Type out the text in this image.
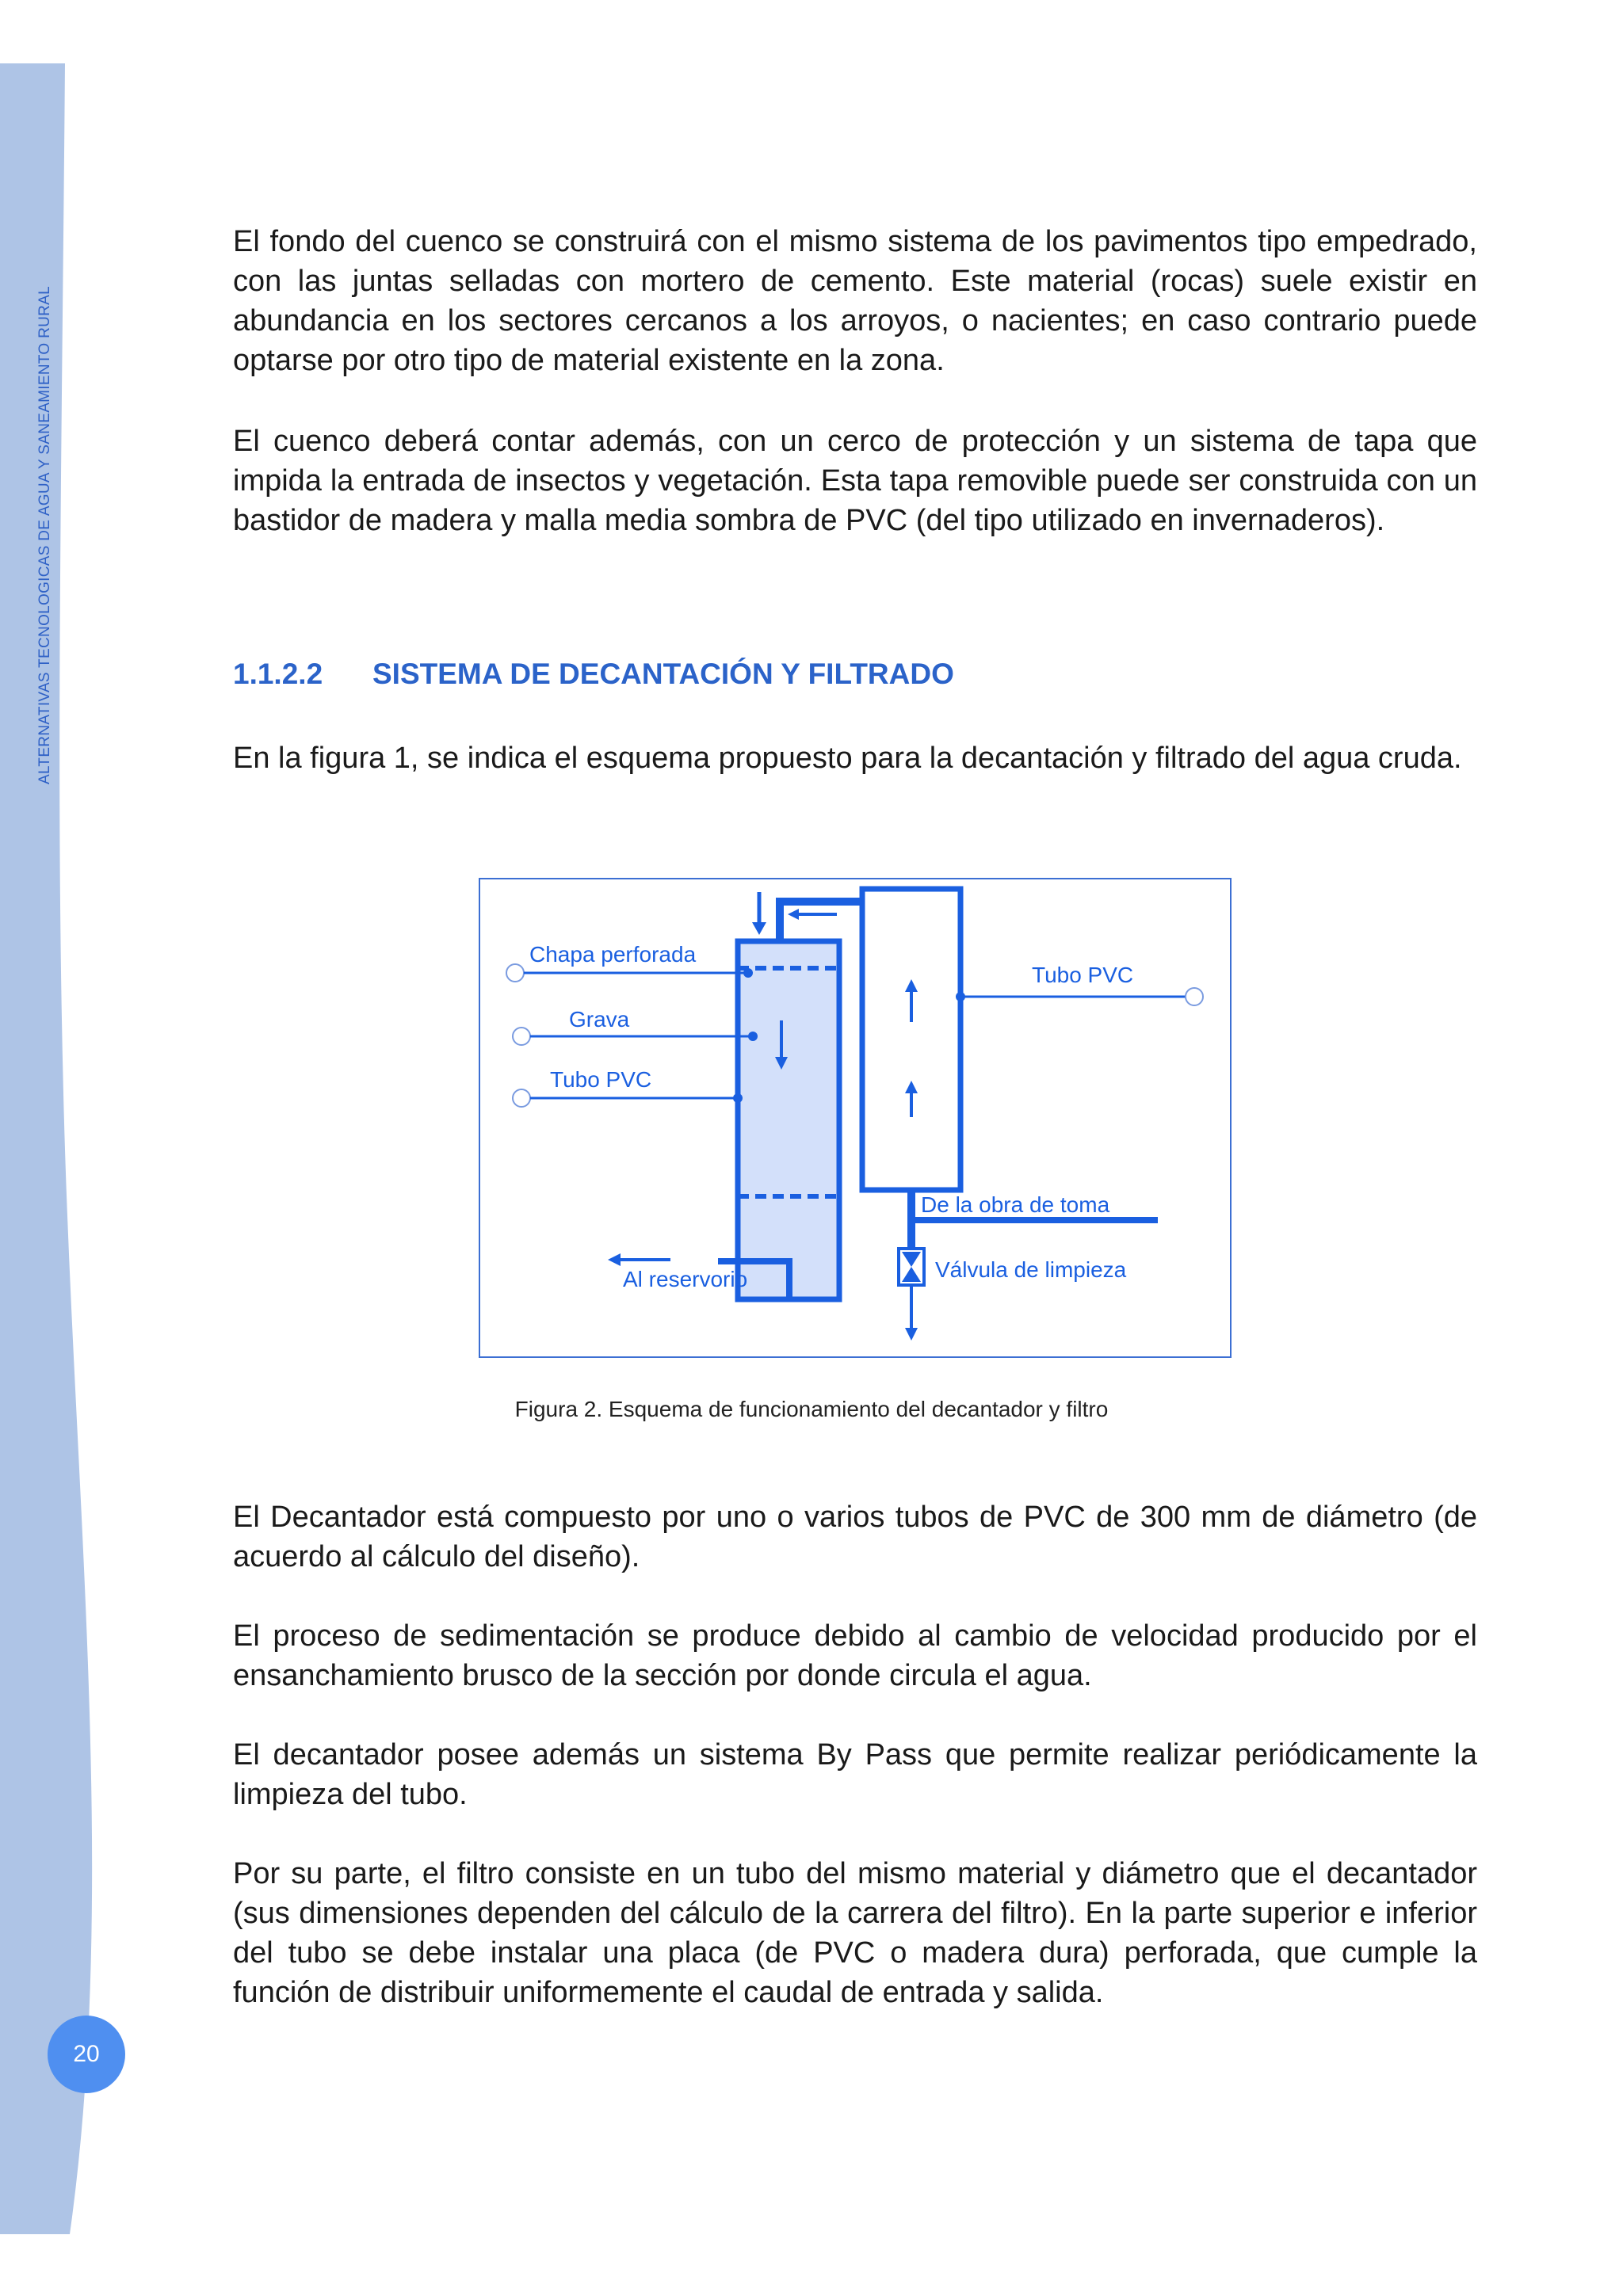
ALTERNATIVAS TECNOLOGICAS DE AGUA Y SANEAMIENTO RURAL
20

El fondo del cuenco se construirá con el mismo sistema de los pavimentos tipo empedrado, con las juntas selladas con mortero de cemento. Este material (rocas) suele existir en abundancia en los sectores cercanos a los arroyos, o nacientes; en caso contrario puede optarse por otro tipo de material existente en la zona.

El cuenco deberá contar además, con un cerco de protección y un sistema de tapa que impida la entrada de insectos y vegetación. Esta tapa removible puede ser construida con un bastidor de madera y malla media sombra de PVC (del tipo utilizado en invernaderos).

1.1.2.2 SISTEMA DE DECANTACIÓN Y FILTRADO

En la figura 1, se indica el esquema propuesto para la decantación y filtrado del agua cruda.

Chapa perforada
Grava
Tubo PVC
Tubo PVC
De la obra de toma
Válvula de limpieza
Al reservorio
Figura 2. Esquema de funcionamiento del decantador y filtro

El Decantador está compuesto por uno o varios tubos de PVC de 300 mm de diámetro (de acuerdo al cálculo del diseño).

El proceso de sedimentación se produce debido al cambio de velocidad producido por el ensanchamiento brusco de la sección por donde circula el agua.

El decantador posee además un sistema By Pass que permite realizar periódicamente la limpieza del tubo.

Por su parte, el filtro consiste en un tubo del mismo material y diámetro que el decantador (sus dimensiones dependen del cálculo de la carrera del filtro). En la parte superior e inferior del tubo se debe instalar una placa (de PVC o madera dura) perforada, que cumple la función de distribuir uniformemente el caudal de entrada y salida.
